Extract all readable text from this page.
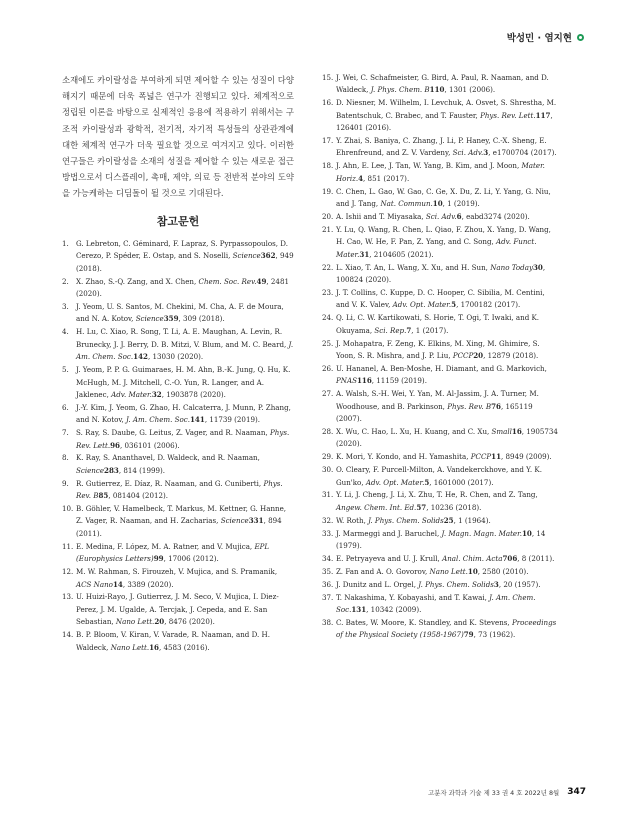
박성민 · 염지현

소재에도 카이랄성을 부여하게 되면 제어할 수 있는 성질이 다양해지기 때문에 더욱 폭넓은 연구가 진행되고 있다. 체계적으로 정립된 이론을 바탕으로 실제적인 응용에 적용하기 위해서는 구조적 카이랄성과 광학적, 전기적, 자기적 특성들의 상관관계에 대한 체계적 연구가 더욱 필요할 것으로 여겨지고 있다. 이러한 연구들은 카이랄성을 소재의 성질을 제어할 수 있는 새로운 접근방법으로서 디스플레이, 촉매, 제약, 의료 등 전반적 분야의 도약을 가능케하는 디딤돌이 될 것으로 기대된다.

참고문헌
1. G. Lebreton, C. Géminard, F. Lapraz, S. Pyrpassopoulos, D. Cerezo, P. Spéder, E. Ostap, and S. Noselli, Science362, 949 (2018).
2. X. Zhao, S.-Q. Zang, and X. Chen, Chem. Soc. Rev.49, 2481 (2020).
3. J. Yeom, U. S. Santos, M. Chekini, M. Cha, A. F. de Moura, and N. A. Kotov, Science359, 309 (2018).
4. H. Lu, C. Xiao, R. Song, T. Li, A. E. Maughan, A. Levin, R. Brunecky, J. J. Berry, D. B. Mitzi, V. Blum, and M. C. Beard, J. Am. Chem. Soc.142, 13030 (2020).
5. J. Yeom, P. P. G. Guimaraes, H. M. Ahn, B.-K. Jung, Q. Hu, K. McHugh, M. J. Mitchell, C.-O. Yun, R. Langer, and A. Jaklenec, Adv. Mater.32, 1903878 (2020).
6. J.-Y. Kim, J. Yeom, G. Zhao, H. Calcaterra, J. Munn, P. Zhang, and N. Kotov, J. Am. Chem. Soc.141, 11739 (2019).
7. S. Ray, S. Daube, G. Leitus, Z. Vager, and R. Naaman, Phys. Rev. Lett.96, 036101 (2006).
8. K. Ray, S. Ananthavel, D. Waldeck, and R. Naaman, Science283, 814 (1999).
9. R. Gutierrez, E. Díaz, R. Naaman, and G. Cuniberti, Phys. Rev. B85, 081404 (2012).
10. B. Göhler, V. Hamelbeck, T. Markus, M. Kettner, G. Hanne, Z. Vager, R. Naaman, and H. Zacharias, Science331, 894 (2011).
11. E. Medina, F. López, M. A. Ratner, and V. Mujica, EPL (Europhysics Letters)99, 17006 (2012).
12. M. W. Rahman, S. Firouzeh, V. Mujica, and S. Pramanik, ACS Nano14, 3389 (2020).
13. U. Huizi-Rayo, J. Gutierrez, J. M. Seco, V. Mujica, I. Diez-Perez, J. M. Ugalde, A. Tercjak, J. Cepeda, and E. San Sebastian, Nano Lett.20, 8476 (2020).
14. B. P. Bloom, V. Kiran, V. Varade, R. Naaman, and D. H. Waldeck, Nano Lett.16, 4583 (2016).
15. J. Wei, C. Schafmeister, G. Bird, A. Paul, R. Naaman, and D. Waldeck, J. Phys. Chem. B110, 1301 (2006).
16. D. Niesner, M. Wilhelm, I. Levchuk, A. Osvet, S. Shrestha, M. Batentschuk, C. Brabec, and T. Fauster, Phys. Rev. Lett.117, 126401 (2016).
17. Y. Zhai, S. Baniya, C. Zhang, J. Li, P. Haney, C.-X. Sheng, E. Ehrenfreund, and Z. V. Vardeny, Sci. Adv.3, e1700704 (2017).
18. J. Ahn, E. Lee, J. Tan, W. Yang, B. Kim, and J. Moon, Mater. Horiz.4, 851 (2017).
19. C. Chen, L. Gao, W. Gao, C. Ge, X. Du, Z. Li, Y. Yang, G. Niu, and J. Tang, Nat. Commun.10, 1 (2019).
20. A. Ishii and T. Miyasaka, Sci. Adv.6, eabd3274 (2020).
21. Y. Lu, Q. Wang, R. Chen, L. Qiao, F. Zhou, X. Yang, D. Wang, H. Cao, W. He, F. Pan, Z. Yang, and C. Song, Adv. Funct. Mater.31, 2104605 (2021).
22. L. Xiao, T. An, L. Wang, X. Xu, and H. Sun, Nano Today30, 100824 (2020).
23. J. T. Collins, C. Kuppe, D. C. Hooper, C. Sibilia, M. Centini, and V. K. Valev, Adv. Opt. Mater.5, 1700182 (2017).
24. Q. Li, C. W. Kartikowati, S. Horie, T. Ogi, T. Iwaki, and K. Okuyama, Sci. Rep.7, 1 (2017).
25. J. Mohapatra, F. Zeng, K. Elkins, M. Xing, M. Ghimire, S. Yoon, S. R. Mishra, and J. P. Liu, PCCP20, 12879 (2018).
26. U. Hananel, A. Ben-Moshe, H. Diamant, and G. Markovich, PNAS116, 11159 (2019).
27. A. Walsh, S.-H. Wei, Y. Yan, M. Al-Jassim, J. A. Turner, M. Woodhouse, and B. Parkinson, Phys. Rev. B76, 165119 (2007).
28. X. Wu, C. Hao, L. Xu, H. Kuang, and C. Xu, Small16, 1905734 (2020).
29. K. Mori, Y. Kondo, and H. Yamashita, PCCP11, 8949 (2009).
30. O. Cleary, F. Purcell-Milton, A. Vandekerckhove, and Y. K. Gun'ko, Adv. Opt. Mater.5, 1601000 (2017).
31. Y. Li, J. Cheng, J. Li, X. Zhu, T. He, R. Chen, and Z. Tang, Angew. Chem. Int. Ed.57, 10236 (2018).
32. W. Roth, J. Phys. Chem. Solids25, 1 (1964).
33. J. Marmeggi and J. Baruchel, J. Magn. Magn. Mater.10, 14 (1979).
34. E. Petryayeva and U. J. Krull, Anal. Chim. Acta706, 8 (2011).
35. Z. Fan and A. O. Govorov, Nano Lett.10, 2580 (2010).
36. J. Dunitz and L. Orgel, J. Phys. Chem. Solids3, 20 (1957).
37. T. Nakashima, Y. Kobayashi, and T. Kawai, J. Am. Chem. Soc.131, 10342 (2009).
38. C. Bates, W. Moore, K. Standley, and K. Stevens, Proceedings of the Physical Society (1958-1967)79, 73 (1962).
고분자 과학과 기술 제 33 권 4 호 2022년 8월 347
